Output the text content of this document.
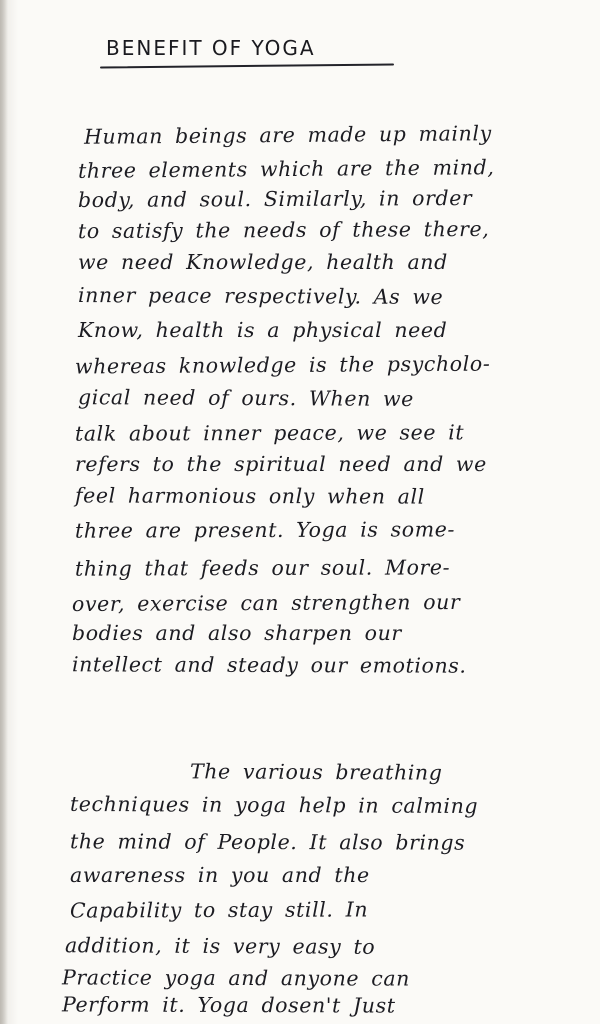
BENEFIT OF YOGA
Human beings are made up mainly
three elements which are the mind,
body, and soul. Similarly, in order
to satisfy the needs of these there,
we need Knowledge, health and
inner peace respectively. As we
Know, health is a physical need
whereas knowledge is the psycholo-
gical need of ours. When we
talk about inner peace, we see it
refers to the spiritual need and we
feel harmonious only when all
three are present. Yoga is some-
thing that feeds our soul. More-
over, exercise can strengthen our
bodies and also sharpen our
intellect and steady our emotions.
The various breathing
techniques in yoga help in calming
the mind of People. It also brings
awareness in you and the
Capability to stay still. In
addition, it is very easy to
Practice yoga and anyone can
Perform it. Yoga dosen't Just
